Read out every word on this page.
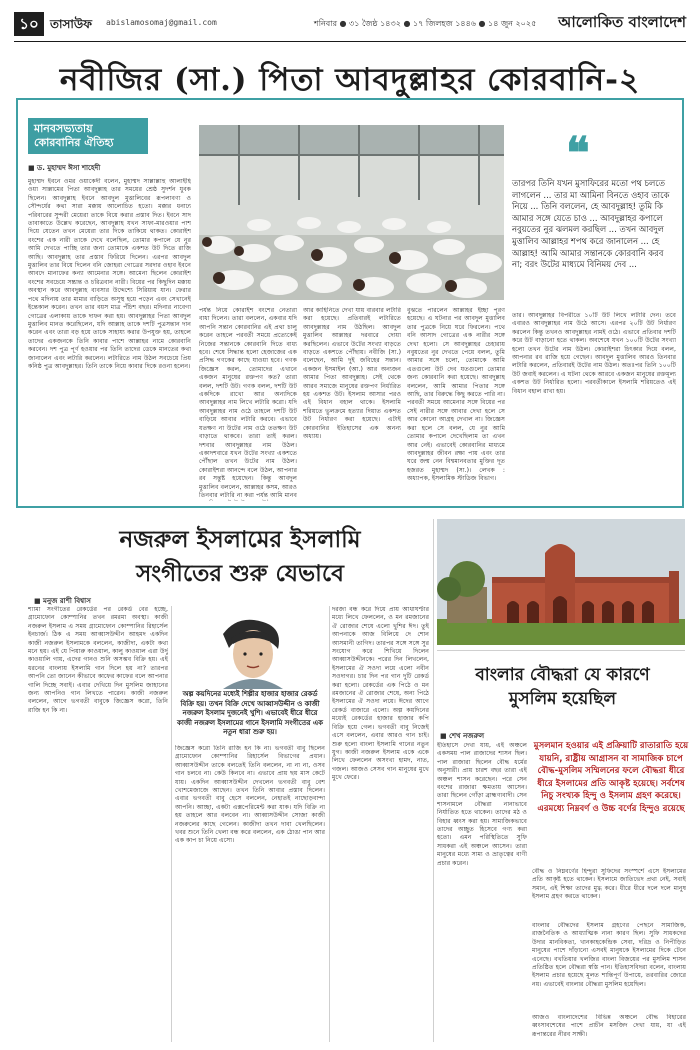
১০ তাসাউফ abislamosomaj@gmail.com	শনিবার ● ৩১ জৈষ্ঠ ১৪৩২ ● ১৭ জিলহজ ১৪৪৬ ● ১৪ জুন ২০২৫ আলোকিত বাংলাদেশ
নবীজির (সা.) পিতা আবদুল্লাহর কোরবানি-২
মানবসভ্যতায় কোরবানির ঐতিহ্য
■ ড. মুহাম্মদ ঈসা শাহেদী
মুহাম্মদ ইবনে ওমর ওয়াকেদী বলেন, মুহাম্মদ সাল্লাল্লাহু আলাইহি ওয়া সাল্লামের পিতা আবদুল্লাহ তার সময়ের শ্রেষ্ঠ সুদর্শন যুবক ছিলেন। আবদুল্লাহ ইবনে আবদুল মুত্তালিবের রূপলাবণ্য ও সৌন্দর্যের কথা সারা মক্কায় আলোচিত হতো। মক্কার ধনাঢ্য পরিবারের সুন্দরী মেয়েরা তাকে বিয়ে করার প্রস্তাব দিত। ইবনে সাদ তাবাকাতে উল্লেখ করেছেন, আবদুল্লাহ যখন সাফা-মারওয়ার পাশ দিয়ে যেতেন তখন মেয়েরা তার দিকে তাকিয়ে থাকত। কোরাইশ বংশের এক নারী তাকে দেখে বলেছিল, তোমার কপালে যে নুর আমি দেখতে পাচ্ছি তার জন্য তোমাকে একশত উট দিতে রাজি আছি। আবদুল্লাহ তার প্রস্তাব ফিরিয়ে দিলেন। এরপর আবদুল মুত্তালিব তার বিয়ে দিলেন বনি জোহরা গোত্রের সরদার ওহাব ইবনে আবদে মানাফের কন্যা আমেনার সঙ্গে। আমেনা ছিলেন কোরাইশ বংশের সবচেয়ে সম্ভ্রান্ত ও চরিত্রবান নারী। বিয়ের পর কিছুদিন মক্কায় অবস্থান করে আবদুল্লাহ ব্যবসার উদ্দেশ্যে সিরিয়ায় যান। ফেরার পথে মদিনায় তার মামার বাড়িতে অসুস্থ হয়ে পড়েন এবং সেখানেই ইন্তেকাল করেন। তখন তার বয়স মাত্র পঁচিশ বছর। মদিনার নাবেগা গোত্রের এলাকায় তাকে দাফন করা হয়। আবদুল্লাহর পিতা আবদুল মুত্তালিব মানত করেছিলেন, যদি আল্লাহ তাকে দশটি পুত্রসন্তান দান করেন এবং তারা বড় হয়ে তাকে সাহায্য করার উপযুক্ত হয়, তাহলে তাদের একজনকে তিনি কাবার পাশে আল্লাহর নামে কোরবানি করবেন। দশ পুত্র পূর্ণ হওয়ার পর তিনি তাদের ডেকে মানতের কথা জানালেন এবং লটারি করলেন। লটারিতে নাম উঠল সবচেয়ে প্রিয় কনিষ্ঠ পুত্র আবদুল্লাহর। তিনি তাকে নিয়ে কাবার দিকে রওনা হলেন।
❝
তারপর তিনি যখন মুসাফিরের মতো পথ চলতে লাগলেন ... তার মা আমিনা বিনতে ওহাব তাকে নিয়ে ... তিনি বললেন, হে আবদুল্লাহ! তুমি কি আমার সঙ্গে যেতে চাও ... আবদুল্লাহর কপালে নবুয়তের নুর ঝলমল করছিল ... তখন আবদুল মুত্তালিব আল্লাহর শপথ করে জানালেন ... হে আল্লাহ! আমি আমার সন্তানকে কোরবানি করব না; বরং উটের মাধ্যমে বিনিময় দেব ...
পর্যন্ত নিয়ে কোরাইশ বংশের নেতারা বাধা দিলেন। তারা বললেন, একবার যদি আপনি সন্তান কোরবানির এই প্রথা চালু করেন তাহলে পরবর্তী সময়ে প্রত্যেকেই নিজের সন্তানকে কোরবানি দিতে বাধ্য হবে। শেষে সিদ্ধান্ত হলো হেজাজের এক প্রসিদ্ধ গণকের কাছে যাওয়া হবে। গণক জিজ্ঞেস করল, তোমাদের এখানে একজন মানুষের রক্তপণ কত? তারা বলল, দশটি উট। গণক বলল, দশটি উট একদিকে রাখো আর অন্যদিকে আবদুল্লাহর নাম লিখে লটারি করো। যদি আবদুল্লাহর নাম ওঠে তাহলে দশটি উট বাড়িয়ে আবার লটারি করবে। এভাবে যতক্ষণ না উটের নাম ওঠে ততক্ষণ উট বাড়াতে থাকবে। তারা তাই করল। দশবার আবদুল্লাহর নাম উঠল। একাদশবারে যখন উটের সংখ্যা একশতে পৌঁছাল তখন উটের নাম উঠল। কোরাইশরা আনন্দে বলে উঠল, আপনার রব সন্তুষ্ট হয়েছেন। কিন্তু আবদুল মুত্তালিব বললেন, আল্লাহর কসম, আরও তিনবার লটারি না করা পর্যন্ত আমি মানব
আর কাহিনিতে দেখা যায় বারবার লটারি করা হয়েছে। প্রতিবারই লটারিতে আবদুল্লাহর নাম উঠছিল। আবদুল মুত্তালিব আল্লাহর দরবারে দোয়া করছিলেন। এভাবে উটের সংখ্যা বাড়তে বাড়তে একশতে পৌঁছায়। নবীজি (সা.) বলেছেন, আমি দুই জবিহের সন্তান। একজন ইসমাইল (আ.) আর অন্যজন আমার পিতা আবদুল্লাহ। সেই থেকে আরব সমাজে মানুষের রক্তপণ নির্ধারিত হয় একশত উট। ইসলাম আসার পরও এই বিধান বহাল থাকে। ইসলামি শরিয়তে ভুলক্রমে হত্যার দিয়াত একশত উট নির্ধারণ করা হয়েছে। এটাই কোরবানির ইতিহাসের এক অনন্য অধ্যায়।
বুঝতে পারলেন আল্লাহর ইচ্ছা পূরণ হয়েছে। এ ঘটনার পর আবদুল মুত্তালিব তার পুত্রকে নিয়ে ঘরে ফিরলেন। পথে বনি আসাদ গোত্রের এক নারীর সঙ্গে দেখা হলো। সে আবদুল্লাহর চেহারায় নবুয়তের নুর দেখতে পেয়ে বলল, তুমি আমার সঙ্গে চলো, তোমাকে আমি এতগুলো উট দেব যতগুলো তোমার জন্য কোরবানি করা হয়েছে। আবদুল্লাহ বললেন, আমি আমার পিতার সঙ্গে আছি, তার বিরুদ্ধে কিছু করতে পারি না। পরবর্তী সময়ে আমেনার সঙ্গে বিয়ের পর সেই নারীর সঙ্গে আবার দেখা হলে সে আর কোনো আগ্রহ দেখাল না। জিজ্ঞেস করা হলে সে বলল, যে নুর আমি তোমার কপালে দেখেছিলাম তা এখন আর নেই। এভাবেই কোরবানির মাধ্যমে আবদুল্লাহর জীবন রক্ষা পায় এবং তার ঘরে জন্ম নেন বিশ্বমানবতার মুক্তির দূত হজরত মুহাম্মদ (সা.)। লেখক : অধ্যাপক, ইসলামিক স্টাডিজ বিভাগ।
তার। আবদুল্লাহর বিপরীতে ১০টি উট লিখে লটারি দেন। তবে এবারও আবদুল্লাহর নাম উঠে আসে। এরপর ২০টি উট নির্ধারণ করলেন কিন্তু তখনও আবদুল্লাহর নামই ওঠে। এভাবে প্রতিবার দশটি করে উট বাড়ানো হতে থাকল। অবশেষে যখন ১০০টি উটের সংখ্যা হলো তখন উটের নাম উঠল। কোরাইশরা চিৎকার দিয়ে বলল, আপনার রব রাজি হয়ে গেছেন। আবদুল মুত্তালিব আরও তিনবার লটারি করলেন, প্রতিবারই উটের নাম উঠল। অতঃপর তিনি ১০০টি উট জবাই করলেন। এ ঘটনা থেকে আরবে একজন মানুষের রক্তমূল্য একশত উট নির্ধারিত হলো। পরবর্তীকালে ইসলামি শরিয়তেও এই বিধান বহাল রাখা হয়।
নজরুল ইসলামের ইসলামি
সংগীতের শুরু যেভাবে
■ মনুজ রাশী বিশ্বাস
শ্যামা সংগীতের রেকর্ডের পর রেকর্ড বের হচ্ছে, গ্রামোফোন কোম্পানির তখন রমরমা অবস্থা। কাজী নজরুল ইসলাম এ সময় গ্রামোফোন কোম্পানির রিহার্সেল ইনচার্জ। ঠিক এ সময় আব্বাসউদ্দীন আহমদ একদিন কাজী নজরুল ইসলামকে বললেন, কাজীদা, একটা কথা মনে হয়। এই যে পিয়ারু কাওয়াল, কালু কাওয়াল এরা উর্দু কাওয়ালি গায়, এদের গানও শুনি অসম্ভব বিক্রি হয়। এই ধরনের বাংলায় ইসলামি গান দিলে হয় না? তারপর আপনি তো জানেন কীভাবে কাফের কাফের বলে আপনার গালি দিচ্ছে সবাই। এবার দেখিয়ে দিন মুসলিম জাহানের জন্য আপনিও গান লিখতে পারেন। কাজী নজরুল বললেন, আগে ভগবতী বাবুকে জিজ্ঞেস করো, তিনি রাজি হন কি না।
অল্প কয়দিনের মধ্যেই শিল্পীর হাজার হাজার রেকর্ড বিক্রি হয়। তখন বিক্রি দেখে আব্বাসউদ্দীন ও কাজী নজরুল ইসলাম দুজনেই খুশি। এভাবেই ধীরে ধীরে কাজী নজরুল ইসলামের গানে ইসলামি সংগীতের এক নতুন ধারা শুরু হয়।
জিজ্ঞেস করো তিনি রাজি হন কি না। ভগবতী বাবু ছিলেন গ্রামোফোন কোম্পানির রিহার্সেল বিভাগের প্রধান। আব্বাসউদ্দীন তাকে বলতেই তিনি বললেন, না না না, ওসব গান চলবে না। কেউ কিনবে না। এভাবে প্রায় ছয় মাস কেটে যায়। একদিন আব্বাসউদ্দীন দেখলেন ভগবতী বাবু বেশ খোশমেজাজে আছেন। তখন তিনি আবার প্রস্তাব দিলেন। এবার ভগবতী বাবু হেসে বললেন, নেহাতই নাছোড়বান্দা আপনি। আচ্ছা, একটা এক্সপেরিমেন্ট করা যাক। যদি বিক্রি না হয় তাহলে আর বলবেন না। আব্বাসউদ্দীন সোজা কাজী নজরুলের কাছে গেলেন। কাজীদা তখন দাবা খেলছিলেন। খবর শুনে তিনি খেলা বন্ধ করে বললেন, এক ঠোঙা পান আর এক কাপ চা নিয়ে এসো।
দরজা বন্ধ করে দিয়ে প্রায় আধাঘণ্টার মধ্যে লিখে ফেললেন, ও মন রমজানের ঐ রোজার শেষে এলো খুশির ঈদ। তুই আপনাকে আজ বিলিয়ে দে শোন আসমানী তাগিদ। তারপর সঙ্গে সঙ্গে সুর সংযোগ করে শিখিয়ে দিলেন আব্বাসউদ্দীনকে। পরের দিন লিখলেন, ইসলামের ঐ সওদা লয়ে এলো নবীন সওদাগর। চার দিন পর গান দুটি রেকর্ড করা হলো। রেকর্ডের এক পিঠে ও মন রমজানের ঐ রোজার শেষে, অন্য পিঠে ইসলামের ঐ সওদা লয়ে। ঈদের আগে রেকর্ড বাজারে এলো। অল্প কয়দিনের মধ্যেই রেকর্ডের হাজার হাজার কপি বিক্রি হয়ে গেল। ভগবতী বাবু নিজেই এসে বললেন, এবার আরও গান চাই। শুরু হলো বাংলা ইসলামি গানের নতুন যুগ। কাজী নজরুল ইসলাম একে একে লিখে ফেললেন অসংখ্য হামদ, নাত, গজল। আজও সেসব গান মানুষের মুখে মুখে ফেরে।
বাংলার বৌদ্ধরা যে কারণে
মুসলিম হয়েছিল
■ শেখ নজরুল
ইতিহাসে দেখা যায়, এই অঞ্চলে একসময় পাল রাজাদের শাসন ছিল। পাল রাজারা ছিলেন বৌদ্ধ ধর্মের অনুসারী। প্রায় চারশ বছর তারা এই অঞ্চল শাসন করেছেন। পরে সেন বংশের রাজারা ক্ষমতায় আসেন। তারা ছিলেন গোঁড়া ব্রাহ্মণ্যবাদী। সেন শাসনামলে বৌদ্ধরা নানাভাবে নির্যাতিত হতে থাকেন। তাদের মঠ ও বিহার ধ্বংস করা হয়। সামাজিকভাবে তাদের অচ্ছুত হিসেবে গণ্য করা হতো। এমন পরিস্থিতিতে সুফি সাধকরা এই অঞ্চলে আসেন। তারা মানুষের মধ্যে সাম্য ও ভ্রাতৃত্বের বাণী প্রচার করেন।
মুসলমান হওয়ার এই প্রক্রিয়াটি রাতারাতি হয়ে যায়নি, রাষ্ট্রীয় আগ্রাসন বা সামাজিক চাপে বৌদ্ধ-মুসলিম সম্মিলনের ফলে বৌদ্ধরা ধীরে ধীরে ইসলামের প্রতি আকৃষ্ট হয়েছে। সর্বশেষ নিচু সংখ্যক হিন্দু ও ইসলাম গ্রহণ করেছে। এরমধ্যে নিম্নবর্ণ ও উচ্চ বর্ণের হিন্দুও রয়েছে
বৌদ্ধ ও নিম্নবর্ণের হিন্দুরা সুফিদের সংস্পর্শে এসে ইসলামের প্রতি আকৃষ্ট হতে থাকেন। ইসলামে জাতিভেদ প্রথা নেই, সবাই সমান, এই শিক্ষা তাদের মুগ্ধ করে। ধীরে ধীরে দলে দলে মানুষ ইসলাম গ্রহণ করতে থাকেন।
বাংলার বৌদ্ধদের ইসলাম গ্রহণের পেছনে সামাজিক, রাজনৈতিক ও আধ্যাত্মিক নানা কারণ ছিল। সুফি সাধকদের উদার মানবিকতা, খানকাহকেন্দ্রিক সেবা, দরিদ্র ও নিপীড়িত মানুষের পাশে দাঁড়ানো এসবই মানুষকে ইসলামের দিকে টেনে এনেছে। বখতিয়ার খলজির বাংলা বিজয়ের পর মুসলিম শাসন প্রতিষ্ঠিত হলে বৌদ্ধরা স্বস্তি পান। ইতিহাসবিদরা বলেন, বাংলায় ইসলাম প্রচার হয়েছে মূলত শান্তিপূর্ণ উপায়ে, তরবারির জোরে নয়। এভাবেই বাংলার বৌদ্ধরা মুসলিম হয়েছিল।
আজও বাংলাদেশের বিভিন্ন অঞ্চলে বৌদ্ধ বিহারের ধ্বংসাবশেষের পাশে প্রাচীন মসজিদ দেখা যায়, যা এই রূপান্তরের নীরব সাক্ষী।
